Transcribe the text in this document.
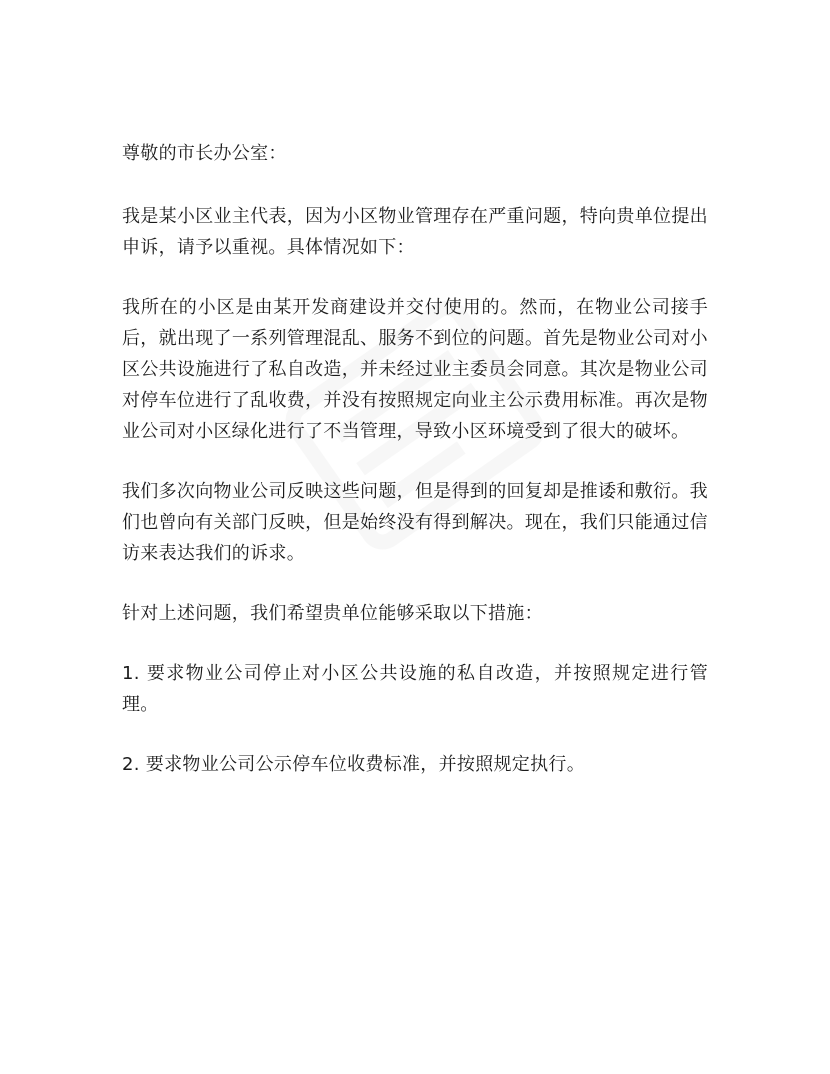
尊敬的市长办公室：

我是某小区业主代表，因为小区物业管理存在严重问题，特向贵单位提出申诉，请予以重视。具体情况如下：

我所在的小区是由某开发商建设并交付使用的。然而，在物业公司接手后，就出现了一系列管理混乱、服务不到位的问题。首先是物业公司对小区公共设施进行了私自改造，并未经过业主委员会同意。其次是物业公司对停车位进行了乱收费，并没有按照规定向业主公示费用标准。再次是物业公司对小区绿化进行了不当管理，导致小区环境受到了很大的破坏。

我们多次向物业公司反映这些问题，但是得到的回复却是推诿和敷衍。我们也曾向有关部门反映，但是始终没有得到解决。现在，我们只能通过信访来表达我们的诉求。

针对上述问题，我们希望贵单位能够采取以下措施：

1. 要求物业公司停止对小区公共设施的私自改造，并按照规定进行管理。

2. 要求物业公司公示停车位收费标准，并按照规定执行。
